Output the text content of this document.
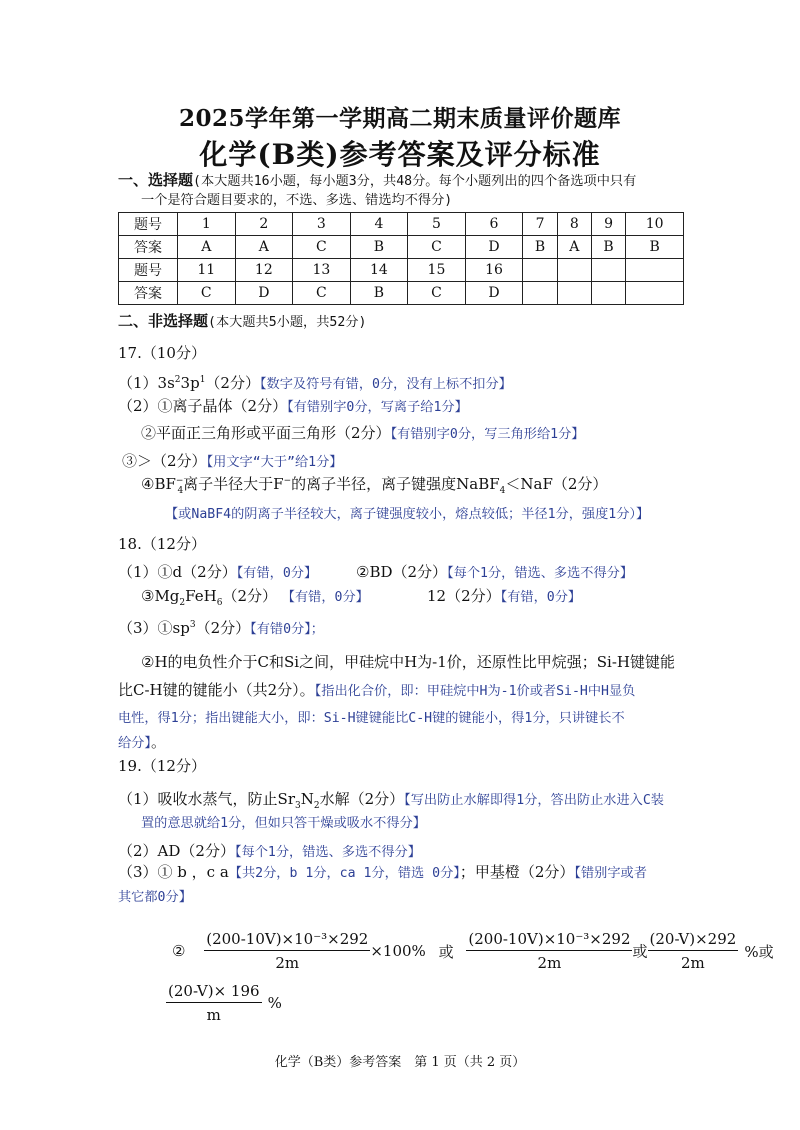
2025学年第一学期高二期末质量评价题库
化学(B类)参考答案及评分标准
一、选择题(本大题共16小题，每小题3分，共48分。每个小题列出的四个备选项中只有
一个是符合题目要求的，不选、多选、错选均不得分)
题号	1	2	3	4	5	6	7	8	9	10
答案	A	A	C	B	C	D	B	A	B	B
题号	11	12	13	14	15	16				
答案	C	D	C	B	C	D				
二、非选择题(本大题共5小题，共52分)
17.（10分）
$(1)3s^23p^1(2$分）【数字及符号有错，0分，没有上标不扣分】
（2）①离子晶体（2分）【有错别字0分，写离子给1分】
②平面正三角形或平面三角形（2分）【有错别字0分，写三角形给1分】
③＞（2分）【用文字“大于”给1分】
$④BF^-_4$离子半径大于F−的离子半径，离子键强度NaBF$_4$＜NaF（2分）
【或NaBF4的阴离子半径较大，离子键强度较小，熔点较低；半径1分，强度1分）】
18.（12分）
（1）①d（2分）【有错，0分】	②BD（2分）【每个1分，错选、多选不得分】
$③Mg_2FeH_6(2$分） 【有错，0分】	12（2分）【有错，0分】
$(3)①sp^3(2$分）【有错0分】；
②H的电负性介于C和Si之间，甲硅烷中H为-1价，还原性比甲烷强；Si-H键键能
比C-H键的键能小（共2分）。【指出化合价，即：甲硅烷中H为-1价或者Si-H中H显负
电性，得1分；指出键能大小，即：Si-H键键能比C-H键的键能小，得1分，只讲键长不
给分】。
19.（12分）
（1）吸收水蒸气，防止$Sr_3N_2$水解（2分）【写出防止水解即得1分，答出防止水进入C装
置的意思就给1分，但如只答干燥或吸水不得分】
（2）AD（2分）【每个1分，错选、多选不得分】
（3）① b ，c a【共2分，b 1分，ca 1分，错选 0分】；甲基橙（2分）【错别字或者
其它都0分】
② $\frac{\text{(200-10V)×10⁻³×292}}{2m} \times 100\%$ 或 $\frac{\text{(200-10V)×10⁻³×292}}{2m}$ 或 $\frac{(20-V)\times 292}{2m}$ %或
$\frac{(20-V)\times 196}{m}$ %
化学（B类）参考答案　第 1 页（共 2 页）
